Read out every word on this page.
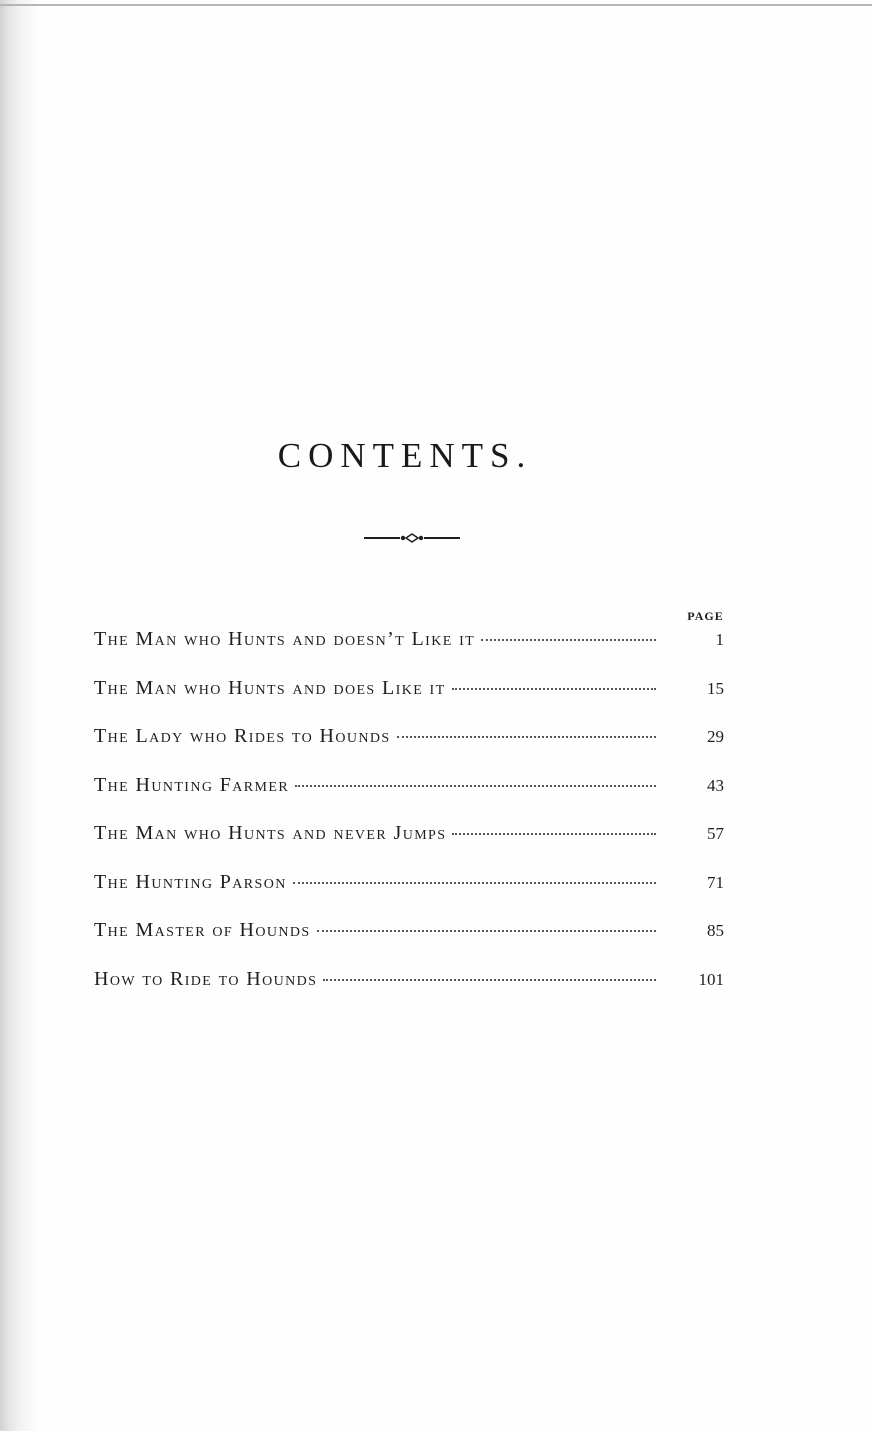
CONTENTS.
PAGE
The Man who Hunts and doesn’t Like it	1
The Man who Hunts and does Like it	15
The Lady who Rides to Hounds	29
The Hunting Farmer	43
The Man who Hunts and never Jumps	57
The Hunting Parson	71
The Master of Hounds	85
How to Ride to Hounds	101
